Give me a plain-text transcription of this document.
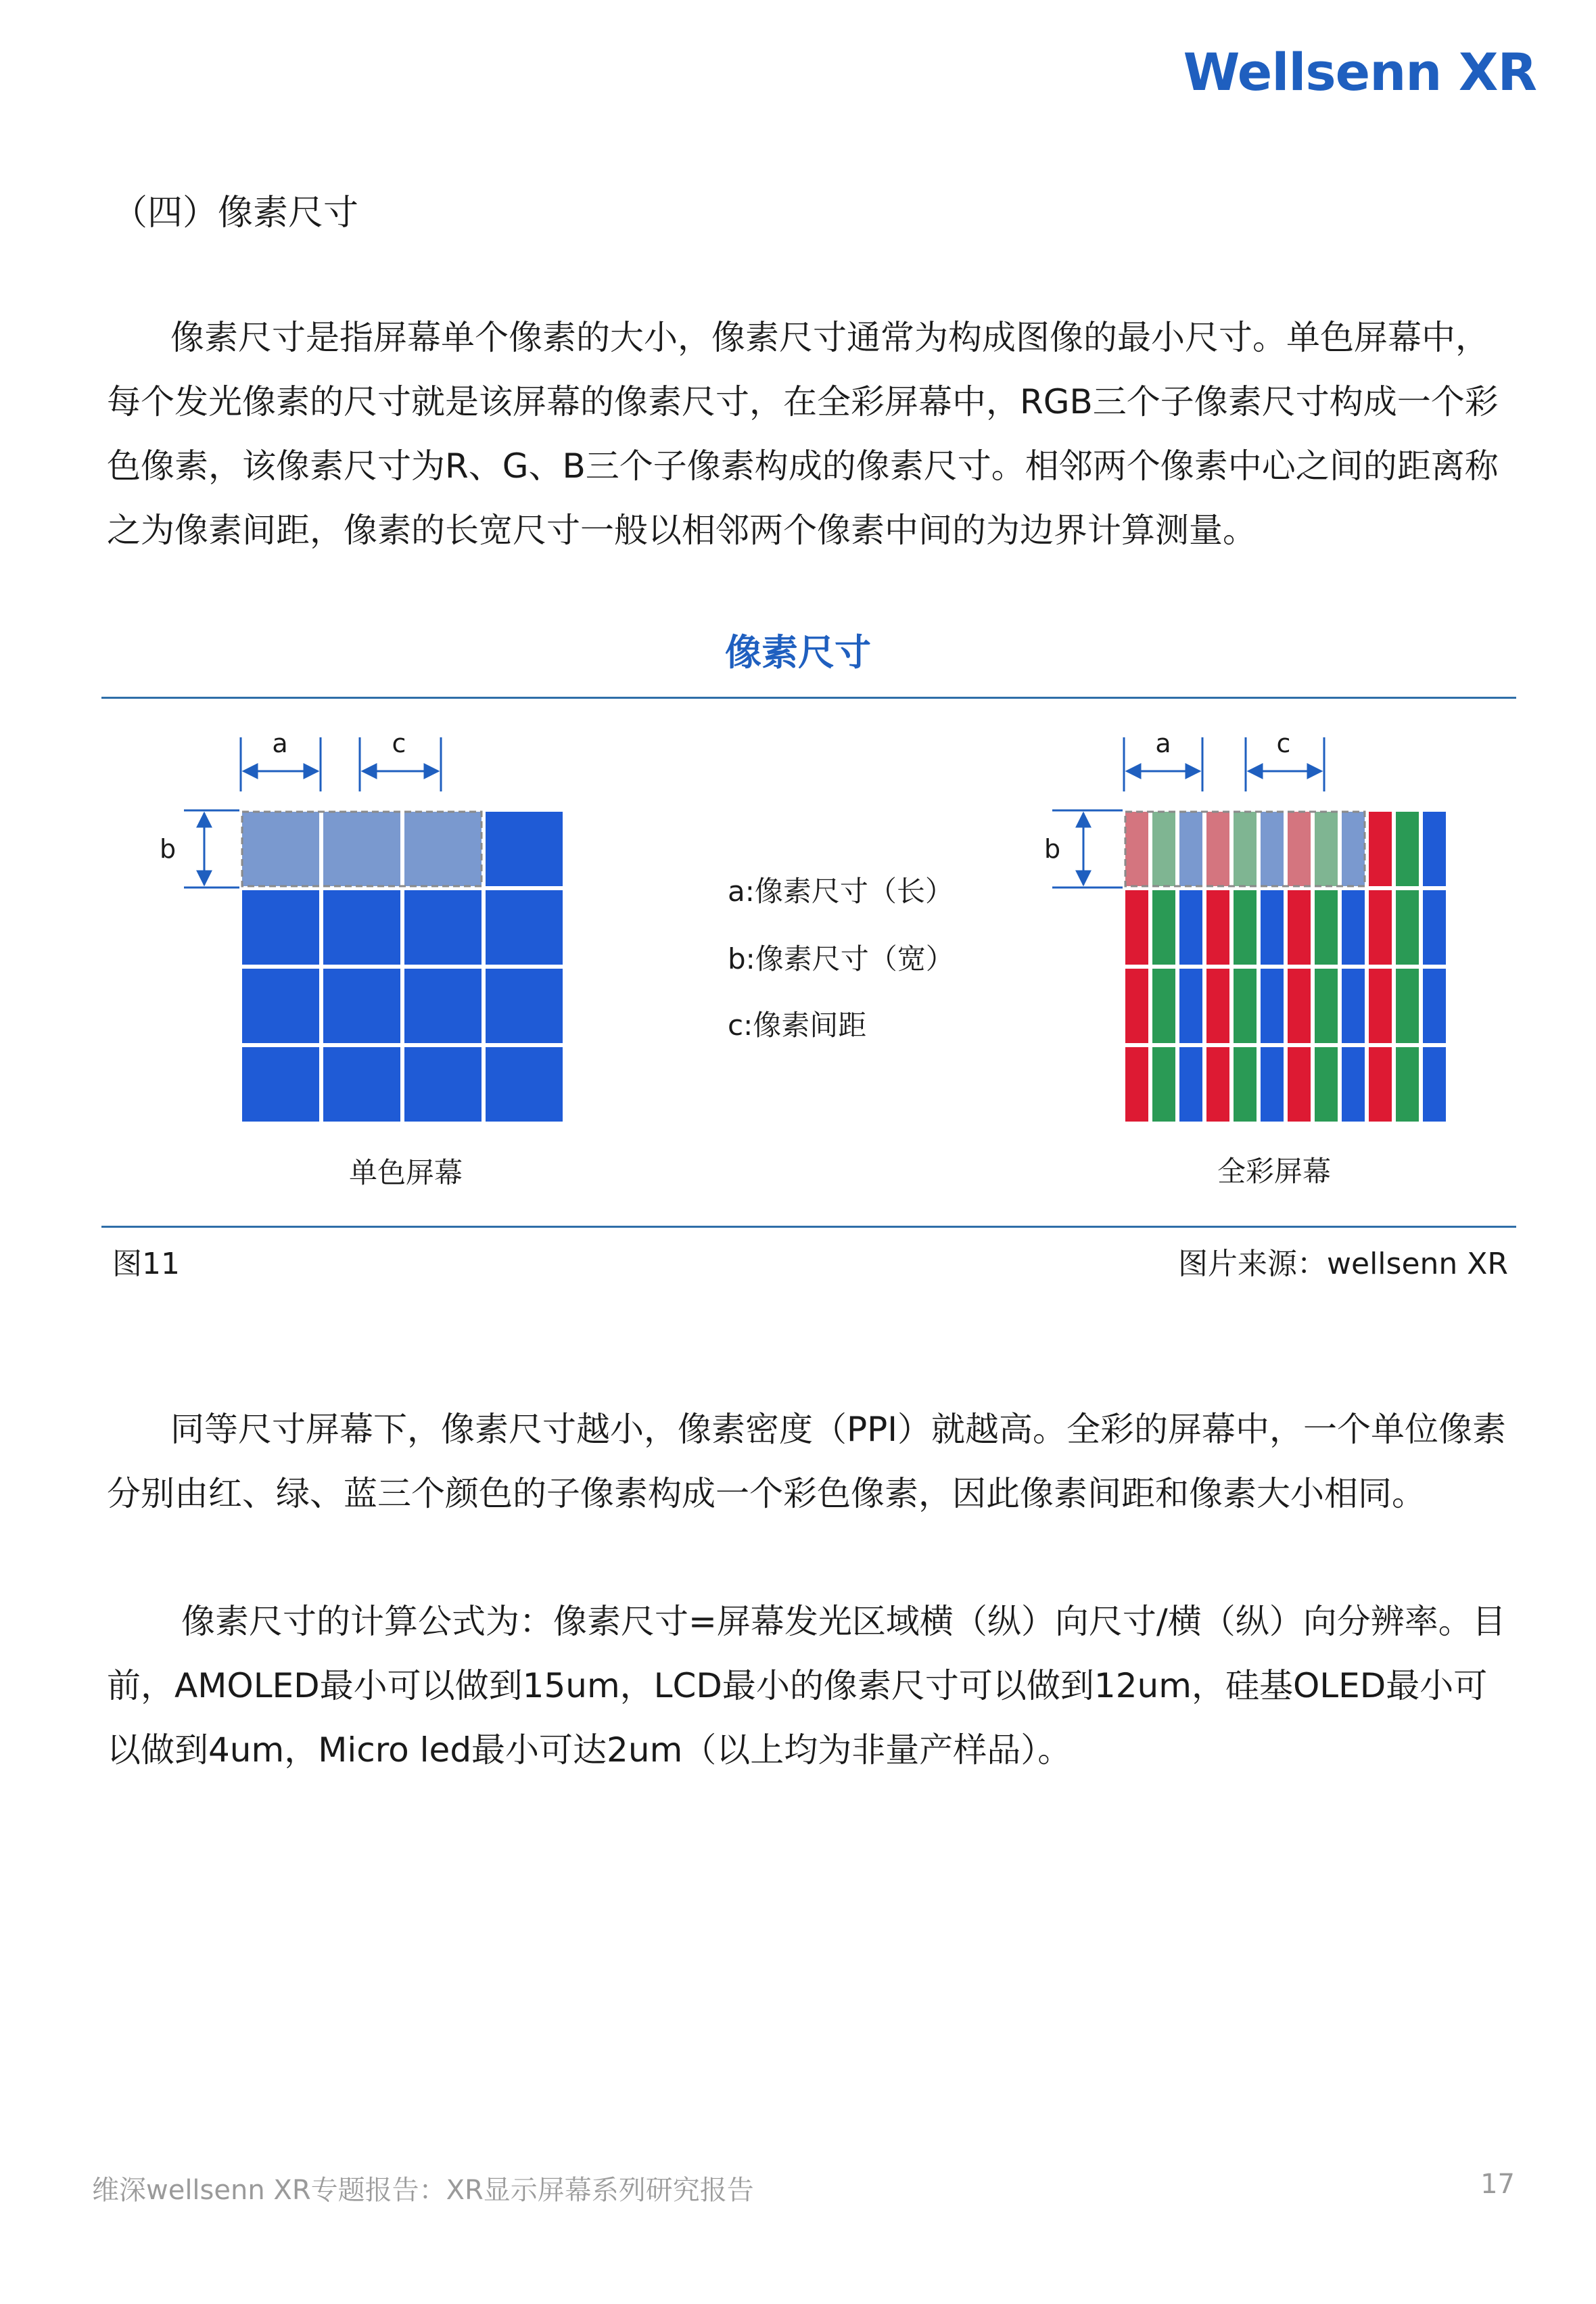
Wellsenn XR
（四）像素尺寸

像素尺寸是指屏幕单个像素的大小，像素尺寸通常为构成图像的最小尺寸。单色屏幕中，每个发光像素的尺寸就是该屏幕的像素尺寸，在全彩屏幕中，RGB三个子像素尺寸构成一个彩色像素，该像素尺寸为R、G、B三个子像素构成的像素尺寸。相邻两个像素中心之间的距离称之为像素间距，像素的长宽尺寸一般以相邻两个像素中间的为边界计算测量。

像素尺寸
a	c
b
a	c
b
a:像素尺寸（长）
b:像素尺寸（宽）
c:像素间距
单色屏幕	全彩屏幕
图11	图片来源：wellsenn XR

同等尺寸屏幕下，像素尺寸越小，像素密度（PPI）就越高。全彩的屏幕中，一个单位像素分别由红、绿、蓝三个颜色的子像素构成一个彩色像素，因此像素间距和像素大小相同。

像素尺寸的计算公式为：像素尺寸=屏幕发光区域横（纵）向尺寸/横（纵）向分辨率。目前，AMOLED最小可以做到15um，LCD最小的像素尺寸可以做到12um，硅基OLED最小可以做到4um，Micro led最小可达2um（以上均为非量产样品）。

维深wellsenn XR专题报告：XR显示屏幕系列研究报告	17
